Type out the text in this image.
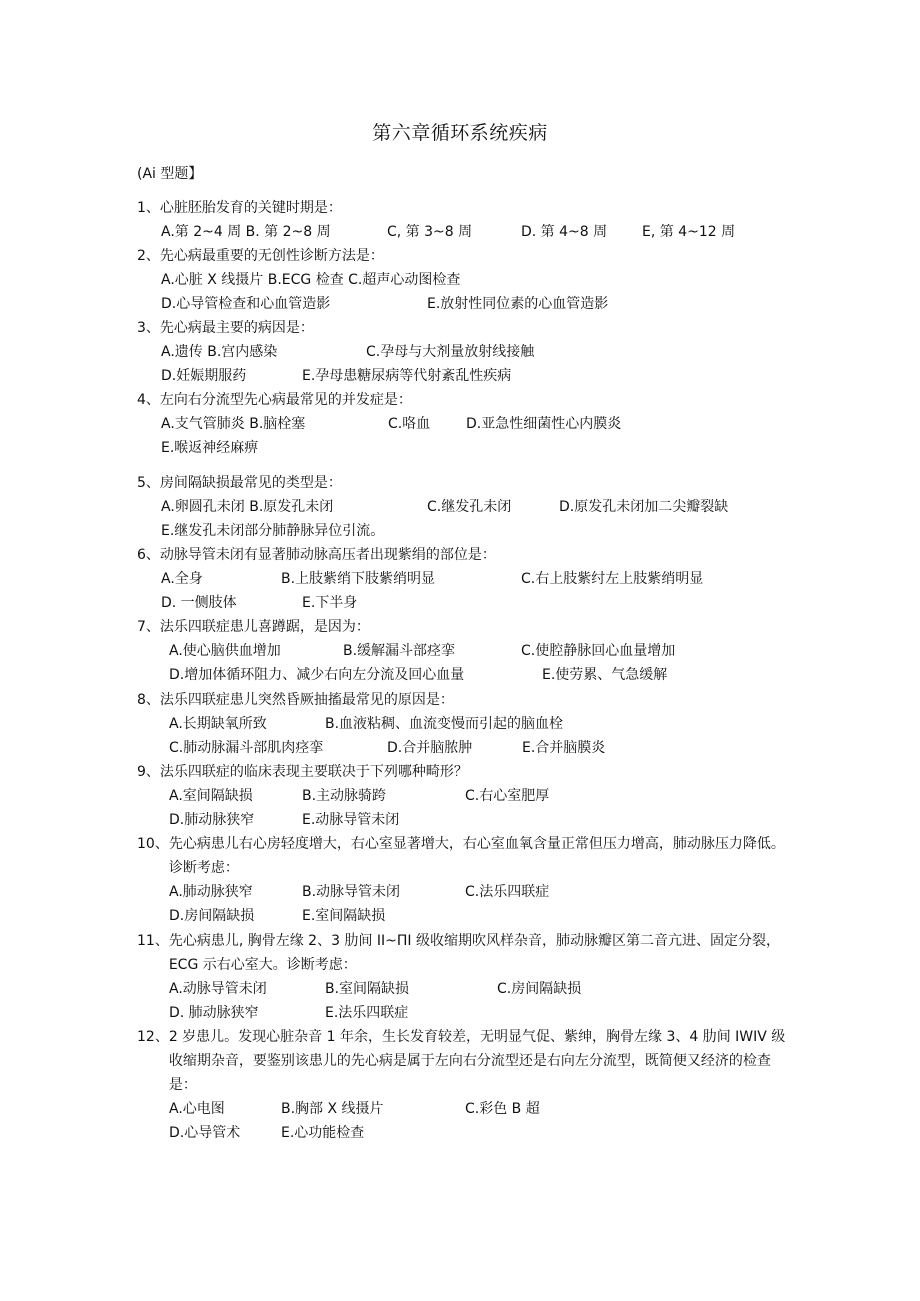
第六章循环系统疾病
(Ai 型题】
1、 心脏胚胎发育的关键时期是：
A.第 2~4 周 B. 第 2~8 周	C, 第 3~8 周	D. 第 4~8 周 E, 第 4~12 周
2、 先心病最重要的无创性诊断方法是：
A.心脏 X 线摄片 B.ECG 检查 C.超声心动图检查
D.心导管检查和心血管造影	E.放射性同位素的心血管造影
3、 先心病最主要的病因是：
A.遗传 B.宫内感染	C.孕母与大剂量放射线接触
D.妊娠期服药	E.孕母患糖尿病等代射紊乱性疾病
4、 左向右分流型先心病最常见的并发症是：
A.支气管肺炎 B.脑栓塞	C.咯血	D.亚急性细菌性心内膜炎
E.喉返神经麻痹
5、 房间隔缺损最常见的类型是：
A.卵圆孔未闭 B.原发孔未闭	C.继发孔未闭	D.原发孔未闭加二尖瓣裂缺
E.继发孔未闭部分肺静脉异位引流。
6、 动脉导管未闭有显著肺动脉高压者出现紫绢的部位是：
A.全身	B.上肢紫绡下肢紫绡明显	C.右上肢紫纣左上肢紫绡明显
D. 一侧肢体	E.下半身
7、 法乐四联症患儿喜蹲踞，是因为：
A.使心脑供血增加	B.缓解漏斗部痉挛	C.使腔静脉回心血量增加
D.增加体循环阻力、减少右向左分流及回心血量	E.使劳累、气急缓解
8、 法乐四联症患儿突然昏厥抽搐最常见的原因是：
A.长期缺氧所致	B.血液粘稠、血流变慢而引起的脑血栓
C.肺动脉漏斗部肌肉痉挛	D.合并脑脓肿	E.合并脑膜炎
9、 法乐四联症的临床表现主要联决于下列哪种畸形？
A.室间隔缺损	B.主动脉骑跨	C.右心室肥厚
D.肺动脉狭窄	E.动脉导管未闭
10、 先心病患儿右心房轻度增大，右心室显著增大，右心室血氧含量正常但压力增高，肺动脉压力降低。诊断考虑：
A.肺动脉狭窄	B.动脉导管未闭	C.法乐四联症
D.房间隔缺损	E.室间隔缺损
11、 先心病患儿, 胸骨左缘 2、3 肋间 II~ПI 级收缩期吹风样杂音，肺动脉瓣区第二音亢进、固定分裂，ECG 示右心室大。诊断考虑：
A.动脉导管未闭	B.室间隔缺损	C.房间隔缺损
D. 肺动脉狭窄	E.法乐四联症
12、 2 岁患儿。发现心脏杂音 1 年余，生长发育较差，无明显气促、紫绅，胸骨左缘 3、4 肋间 IWIV 级收缩期杂音，要鉴别该患儿的先心病是属于左向右分流型还是右向左分流型，既简便又经济的检查是：
A.心电图	B.胸部 X 线摄片	C.彩色 B 超
D.心导管术	E.心功能检查
